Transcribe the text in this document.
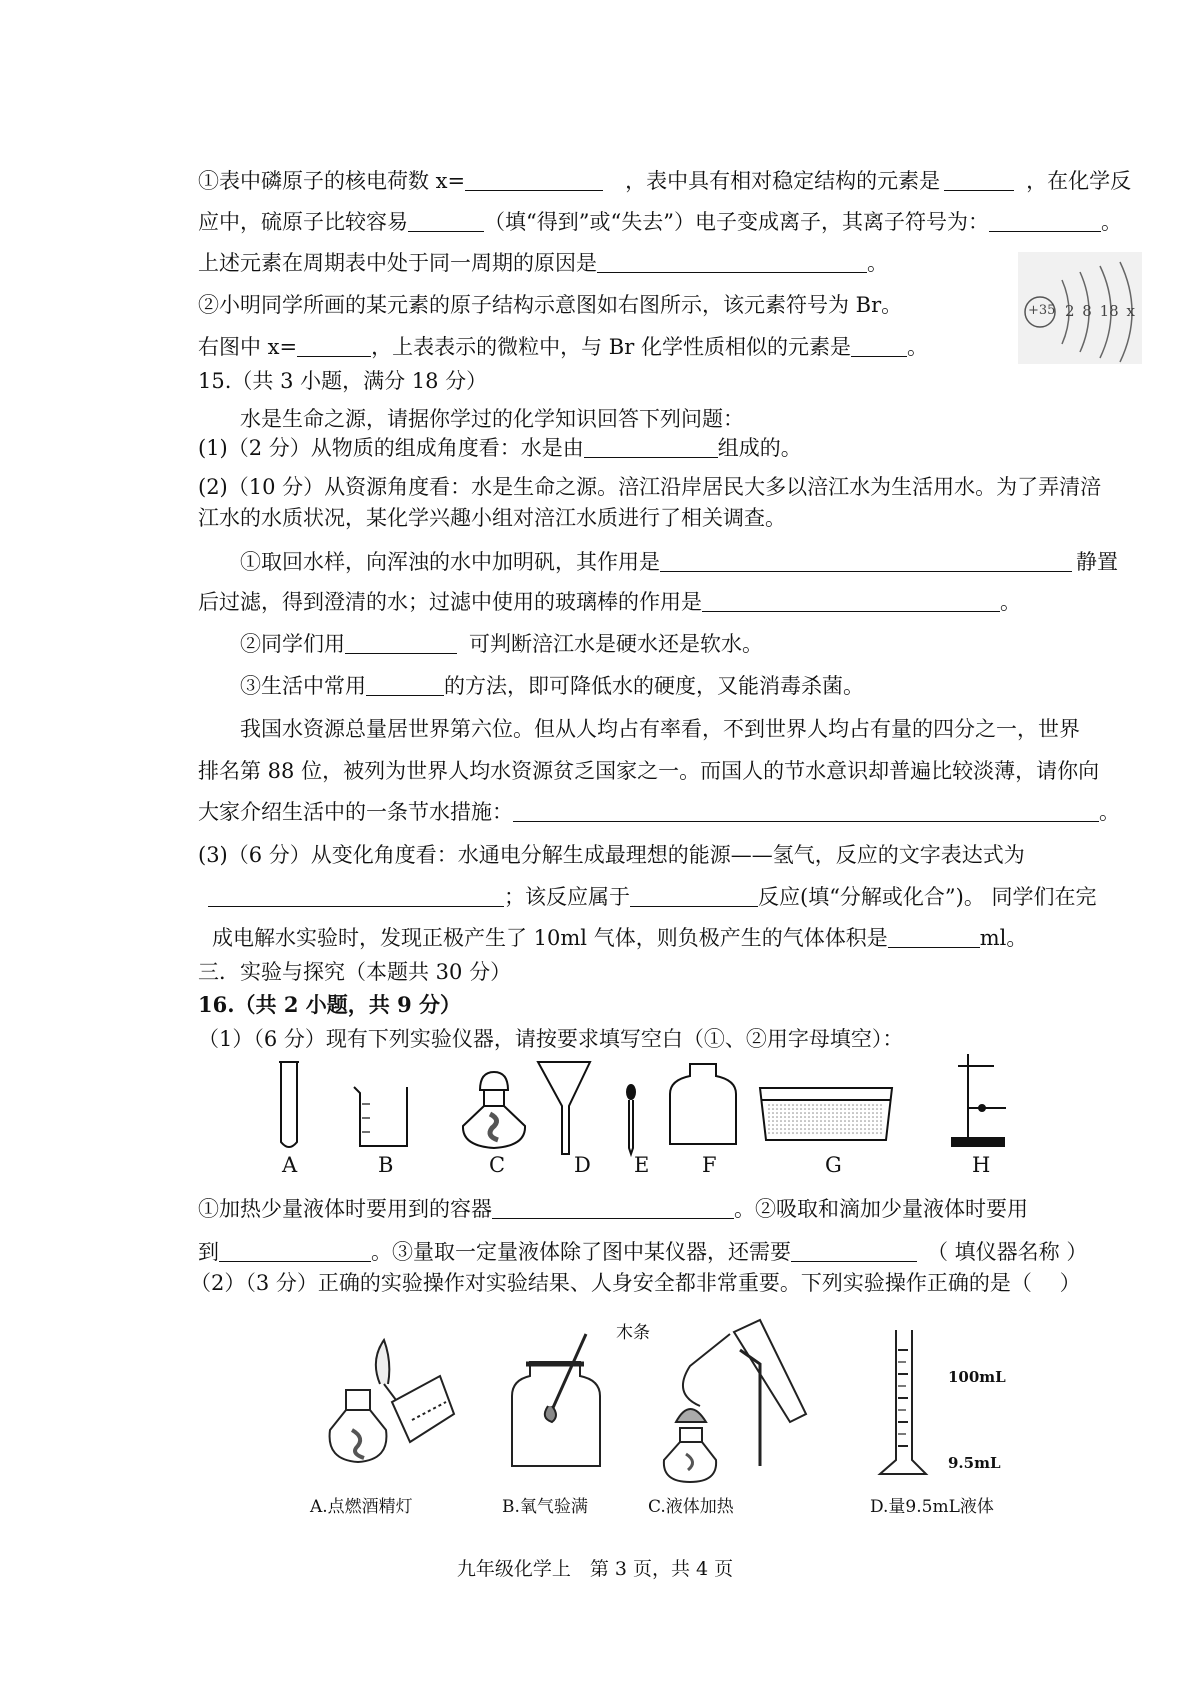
①表中磷原子的核电荷数 x=	，表中具有相对稳定结构的元素是	，在化学反
应中，硫原子比较容易	（填“得到”或“失去”）电子变成离子，其离子符号为：	。
上述元素在周期表中处于同一周期的原因是	。
②小明同学所画的某元素的原子结构示意图如右图所示，该元素符号为 Br。
右图中 x=	，上表表示的微粒中，与 Br 化学性质相似的元素是	。
+35 2 8 18 x
15.（共 3 小题，满分 18 分）
水是生命之源，请据你学过的化学知识回答下列问题：
(1)（2 分）从物质的组成角度看：水是由	组成的。
(2)（10 分）从资源角度看：水是生命之源。涪江沿岸居民大多以涪江水为生活用水。为了弄清涪
江水的水质状况，某化学兴趣小组对涪江水质进行了相关调查。
①取回水样，向浑浊的水中加明矾，其作用是	静置
后过滤，得到澄清的水；过滤中使用的玻璃棒的作用是	。
②同学们用	可判断涪江水是硬水还是软水。
③生活中常用	的方法，即可降低水的硬度，又能消毒杀菌。
我国水资源总量居世界第六位。但从人均占有率看，不到世界人均占有量的四分之一，世界
排名第 88 位，被列为世界人均水资源贫乏国家之一。而国人的节水意识却普遍比较淡薄，请你向
大家介绍生活中的一条节水措施：	。
(3)（6 分）从变化角度看：水通电分解生成最理想的能源——氢气，反应的文字表达式为
；该反应属于	反应(填“分解或化合”)。 同学们在完
成电解水实验时，发现正极产生了 10ml 气体，则负极产生的气体体积是	ml。
三．实验与探究（本题共 30 分）
16.（共 2 小题，共 9 分）
（1）（6 分）现有下列实验仪器，请按要求填写空白（①、②用字母填空）：
A	B	C	D E	F	G	H
①加热少量液体时要用到的容器	。②吸取和滴加少量液体时要用
到	。③量取一定量液体除了图中某仪器，还需要	（ 填仪器名称 ）
（2）（3 分）正确的实验操作对实验结果、人身安全都非常重要。下列实验操作正确的是（　 ）
木条
100mL
9.5mL
A.点燃酒精灯	B.氧气验满	C.液体加热	D.量9.5mL液体
九年级化学上　第 3 页，共 4 页
